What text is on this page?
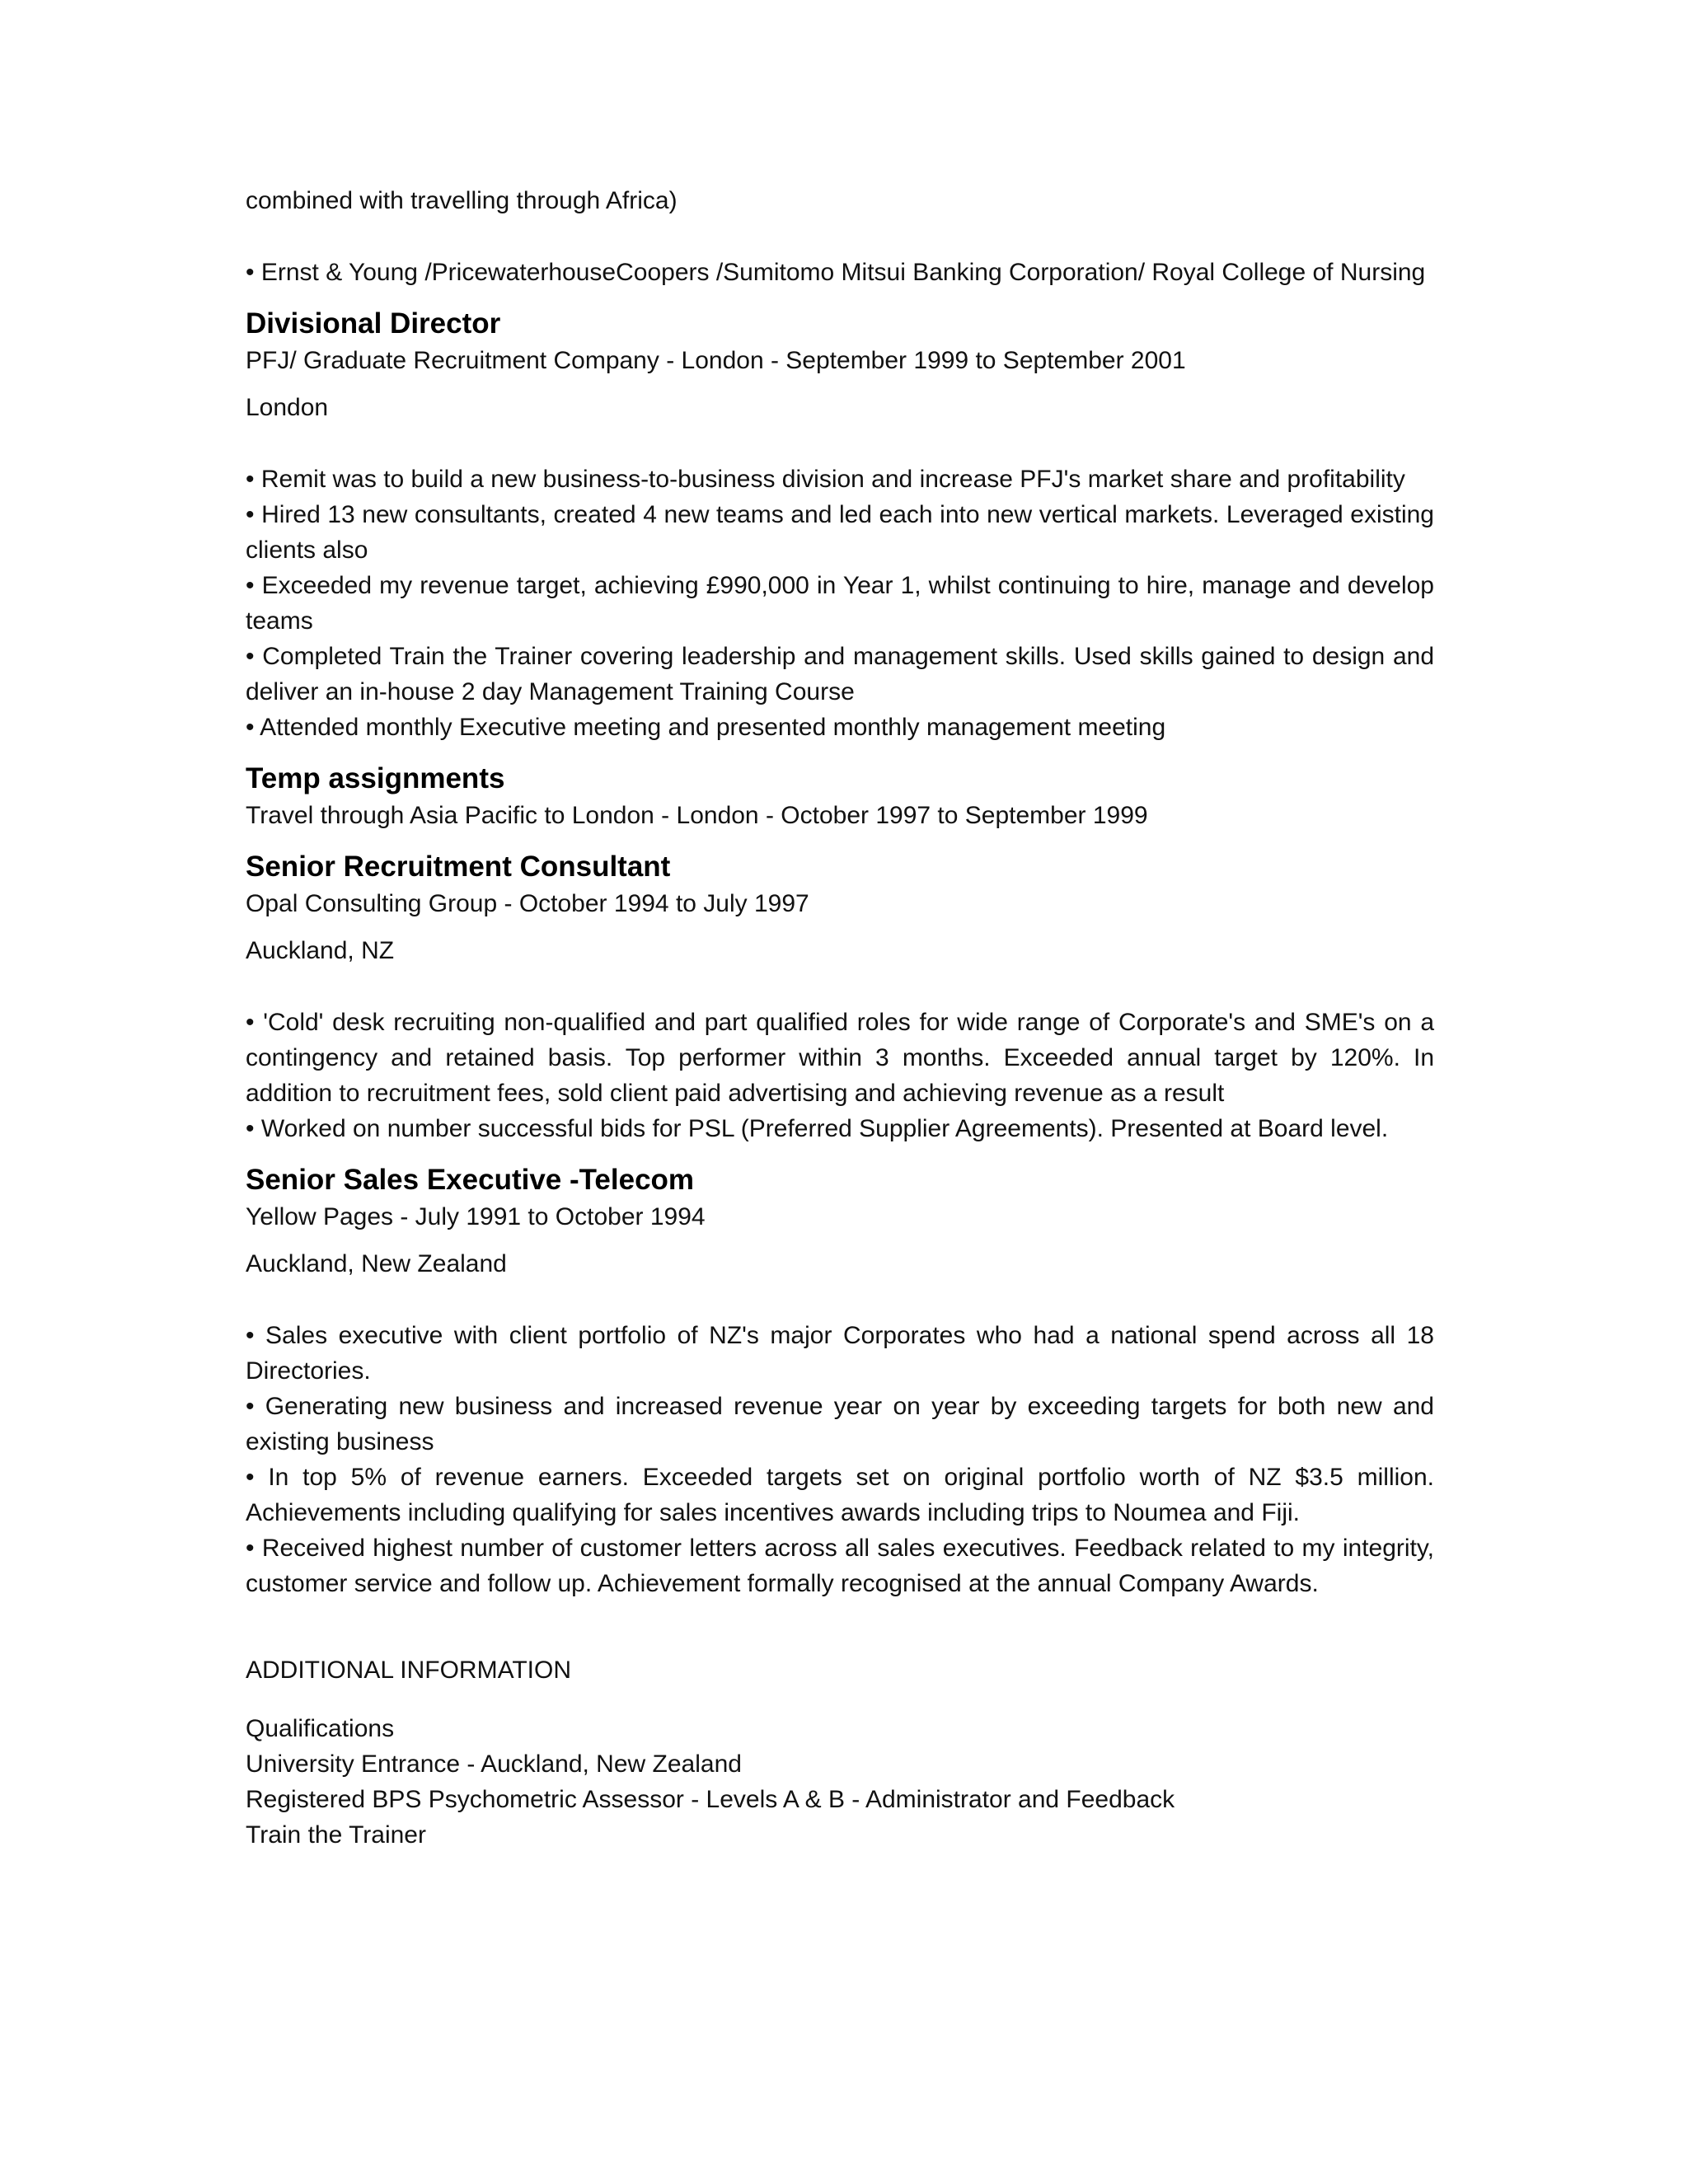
combined with travelling through Africa)

• Ernst & Young /PricewaterhouseCoopers /Sumitomo Mitsui Banking Corporation/ Royal College of Nursing

Divisional Director

PFJ/ Graduate Recruitment Company - London - September 1999 to September 2001

London

• Remit was to build a new business-to-business division and increase PFJ's market share and profitability

• Hired 13 new consultants, created 4 new teams and led each into new vertical markets. Leveraged existing clients also

• Exceeded my revenue target, achieving £990,000 in Year 1, whilst continuing to hire, manage and develop teams

• Completed Train the Trainer covering leadership and management skills. Used skills gained to design and deliver an in-house 2 day Management Training Course

• Attended monthly Executive meeting and presented monthly management meeting

Temp assignments

Travel through Asia Pacific to London - London - October 1997 to September 1999

Senior Recruitment Consultant

Opal Consulting Group - October 1994 to July 1997

Auckland, NZ

• 'Cold' desk recruiting non-qualified and part qualified roles for wide range of Corporate's and SME's on a contingency and retained basis. Top performer within 3 months. Exceeded annual target by 120%. In addition to recruitment fees, sold client paid advertising and achieving revenue as a result

• Worked on number successful bids for PSL (Preferred Supplier Agreements). Presented at Board level.

Senior Sales Executive -Telecom

Yellow Pages - July 1991 to October 1994

Auckland, New Zealand

• Sales executive with client portfolio of NZ's major Corporates who had a national spend across all 18 Directories.

• Generating new business and increased revenue year on year by exceeding targets for both new and existing business

• In top 5% of revenue earners. Exceeded targets set on original portfolio worth of NZ $3.5 million. Achievements including qualifying for sales incentives awards including trips to Noumea and Fiji.

• Received highest number of customer letters across all sales executives. Feedback related to my integrity, customer service and follow up. Achievement formally recognised at the annual Company Awards.

ADDITIONAL INFORMATION

Qualifications

University Entrance - Auckland, New Zealand

Registered BPS Psychometric Assessor - Levels A & B - Administrator and Feedback

Train the Trainer
